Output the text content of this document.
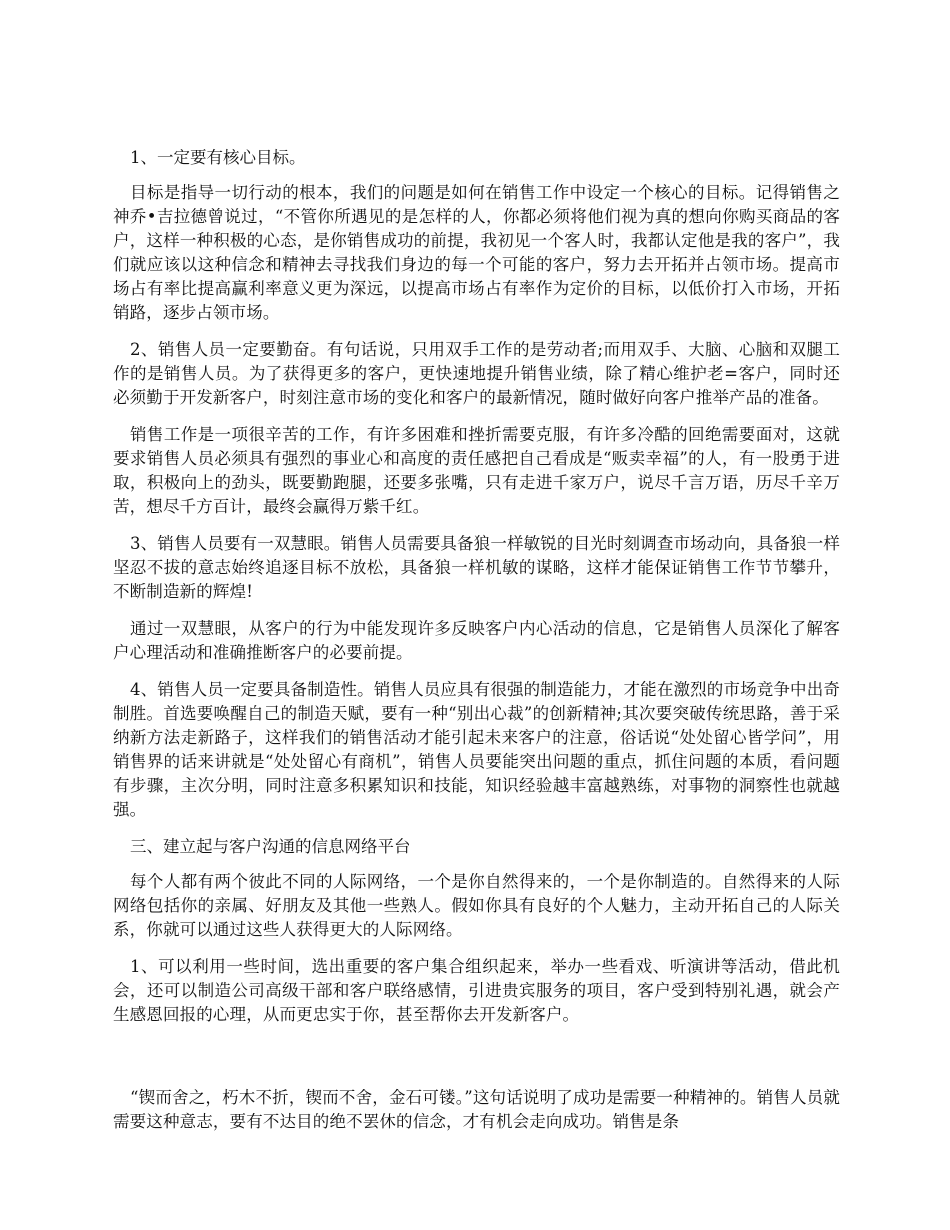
1、一定要有核心目标。

目标是指导一切行动的根本，我们的问题是如何在销售工作中设定一个核心的目标。记得销售之神乔•吉拉德曾说过，“不管你所遇见的是怎样的人，你都必须将他们视为真的想向你购买商品的客户，这样一种积极的心态，是你销售成功的前提，我初见一个客人时，我都认定他是我的客户”，我们就应该以这种信念和精神去寻找我们身边的每一个可能的客户，努力去开拓并占领市场。提高市场占有率比提高赢利率意义更为深远，以提高市场占有率作为定价的目标，以低价打入市场，开拓销路，逐步占领市场。

2、销售人员一定要勤奋。有句话说，只用双手工作的是劳动者;而用双手、大脑、心脑和双腿工作的是销售人员。为了获得更多的客户，更快速地提升销售业绩，除了精心维护老=客户，同时还必须勤于开发新客户，时刻注意市场的变化和客户的最新情况，随时做好向客户推举产品的准备。

销售工作是一项很辛苦的工作，有许多困难和挫折需要克服，有许多冷酷的回绝需要面对，这就要求销售人员必须具有强烈的事业心和高度的责任感把自己看成是“贩卖幸福”的人，有一股勇于进取，积极向上的劲头，既要勤跑腿，还要多张嘴，只有走进千家万户，说尽千言万语，历尽千辛万苦，想尽千方百计，最终会赢得万紫千红。

3、销售人员要有一双慧眼。销售人员需要具备狼一样敏锐的目光时刻调查市场动向，具备狼一样坚忍不拔的意志始终追逐目标不放松，具备狼一样机敏的谋略，这样才能保证销售工作节节攀升，不断制造新的辉煌!

通过一双慧眼，从客户的行为中能发现许多反映客户内心活动的信息，它是销售人员深化了解客户心理活动和准确推断客户的必要前提。

4、销售人员一定要具备制造性。销售人员应具有很强的制造能力，才能在激烈的市场竞争中出奇制胜。首选要唤醒自己的制造天赋，要有一种“别出心裁”的创新精神;其次要突破传统思路，善于采纳新方法走新路子，这样我们的销售活动才能引起未来客户的注意，俗话说“处处留心皆学问”，用销售界的话来讲就是“处处留心有商机”，销售人员要能突出问题的重点，抓住问题的本质，看问题有步骤，主次分明，同时注意多积累知识和技能，知识经验越丰富越熟练，对事物的洞察性也就越强。

三、建立起与客户沟通的信息网络平台

每个人都有两个彼此不同的人际网络，一个是你自然得来的，一个是你制造的。自然得来的人际网络包括你的亲属、好朋友及其他一些熟人。假如你具有良好的个人魅力，主动开拓自己的人际关系，你就可以通过这些人获得更大的人际网络。

1、可以利用一些时间，选出重要的客户集合组织起来，举办一些看戏、听演讲等活动，借此机会，还可以制造公司高级干部和客户联络感情，引进贵宾服务的项目，客户受到特别礼遇，就会产生感恩回报的心理，从而更忠实于你，甚至帮你去开发新客户。

“锲而舍之，朽木不折，锲而不舍，金石可镂。”这句话说明了成功是需要一种精神的。销售人员就需要这种意志，要有不达目的绝不罢休的信念，才有机会走向成功。销售是条
